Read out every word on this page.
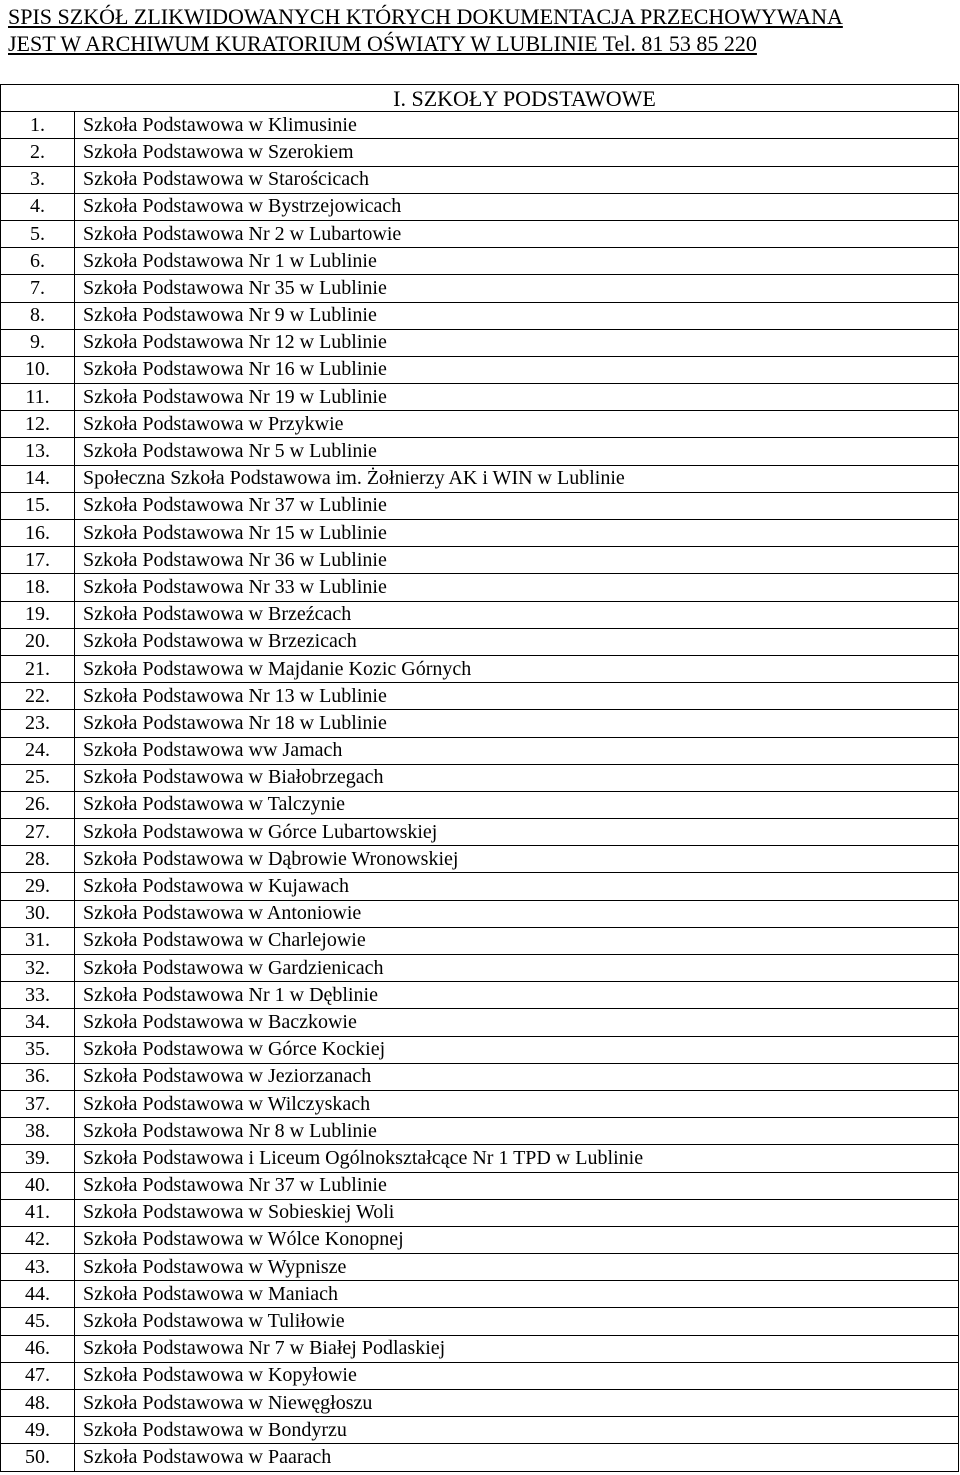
SPIS SZKÓŁ ZLIKWIDOWANYCH KTÓRYCH DOKUMENTACJA PRZECHOWYWANA
JEST W ARCHIWUM KURATORIUM OŚWIATY W LUBLINIE Tel. 81 53 85 220
I. SZKOŁY PODSTAWOWE	
1.	Szkoła Podstawowa w Klimusinie
2.	Szkoła Podstawowa w Szerokiem
3.	Szkoła Podstawowa w Starościcach
4.	Szkoła Podstawowa w Bystrzejowicach
5.	Szkoła Podstawowa Nr 2 w Lubartowie
6.	Szkoła Podstawowa Nr 1 w Lublinie
7.	Szkoła Podstawowa Nr 35 w Lublinie
8.	Szkoła Podstawowa Nr 9 w Lublinie
9.	Szkoła Podstawowa Nr 12 w Lublinie
10.	Szkoła Podstawowa Nr 16 w Lublinie
11.	Szkoła Podstawowa Nr 19 w Lublinie
12.	Szkoła Podstawowa w Przykwie
13.	Szkoła Podstawowa Nr 5 w Lublinie
14.	Społeczna Szkoła Podstawowa im. Żołnierzy AK i WIN w Lublinie
15.	Szkoła Podstawowa Nr 37 w Lublinie
16.	Szkoła Podstawowa Nr 15 w Lublinie
17.	Szkoła Podstawowa Nr 36 w Lublinie
18.	Szkoła Podstawowa Nr 33 w Lublinie
19.	Szkoła Podstawowa w Brzeźcach
20.	Szkoła Podstawowa w Brzezicach
21.	Szkoła Podstawowa w Majdanie Kozic Górnych
22.	Szkoła Podstawowa Nr 13 w Lublinie
23.	Szkoła Podstawowa Nr 18 w Lublinie
24.	Szkoła Podstawowa ww Jamach
25.	Szkoła Podstawowa w Białobrzegach
26.	Szkoła Podstawowa w Talczynie
27.	Szkoła Podstawowa w Górce Lubartowskiej
28.	Szkoła Podstawowa w Dąbrowie Wronowskiej
29.	Szkoła Podstawowa w Kujawach
30.	Szkoła Podstawowa w Antoniowie
31.	Szkoła Podstawowa w Charlejowie
32.	Szkoła Podstawowa w Gardzienicach
33.	Szkoła Podstawowa Nr 1 w Dęblinie
34.	Szkoła Podstawowa w Baczkowie
35.	Szkoła Podstawowa w Górce Kockiej
36.	Szkoła Podstawowa w Jeziorzanach
37.	Szkoła Podstawowa w Wilczyskach
38.	Szkoła Podstawowa Nr 8 w Lublinie
39.	Szkoła Podstawowa i Liceum Ogólnokształcące Nr 1 TPD w Lublinie
40.	Szkoła Podstawowa Nr 37 w Lublinie
41.	Szkoła Podstawowa w Sobieskiej Woli
42.	Szkoła Podstawowa w Wólce Konopnej
43.	Szkoła Podstawowa w Wypnisze
44.	Szkoła Podstawowa w Maniach
45.	Szkoła Podstawowa w Tuliłowie
46.	Szkoła Podstawowa Nr 7 w Białej Podlaskiej
47.	Szkoła Podstawowa w Kopyłowie
48.	Szkoła Podstawowa w Niewęgłoszu
49.	Szkoła Podstawowa w Bondyrzu
50.	Szkoła Podstawowa w Paarach
